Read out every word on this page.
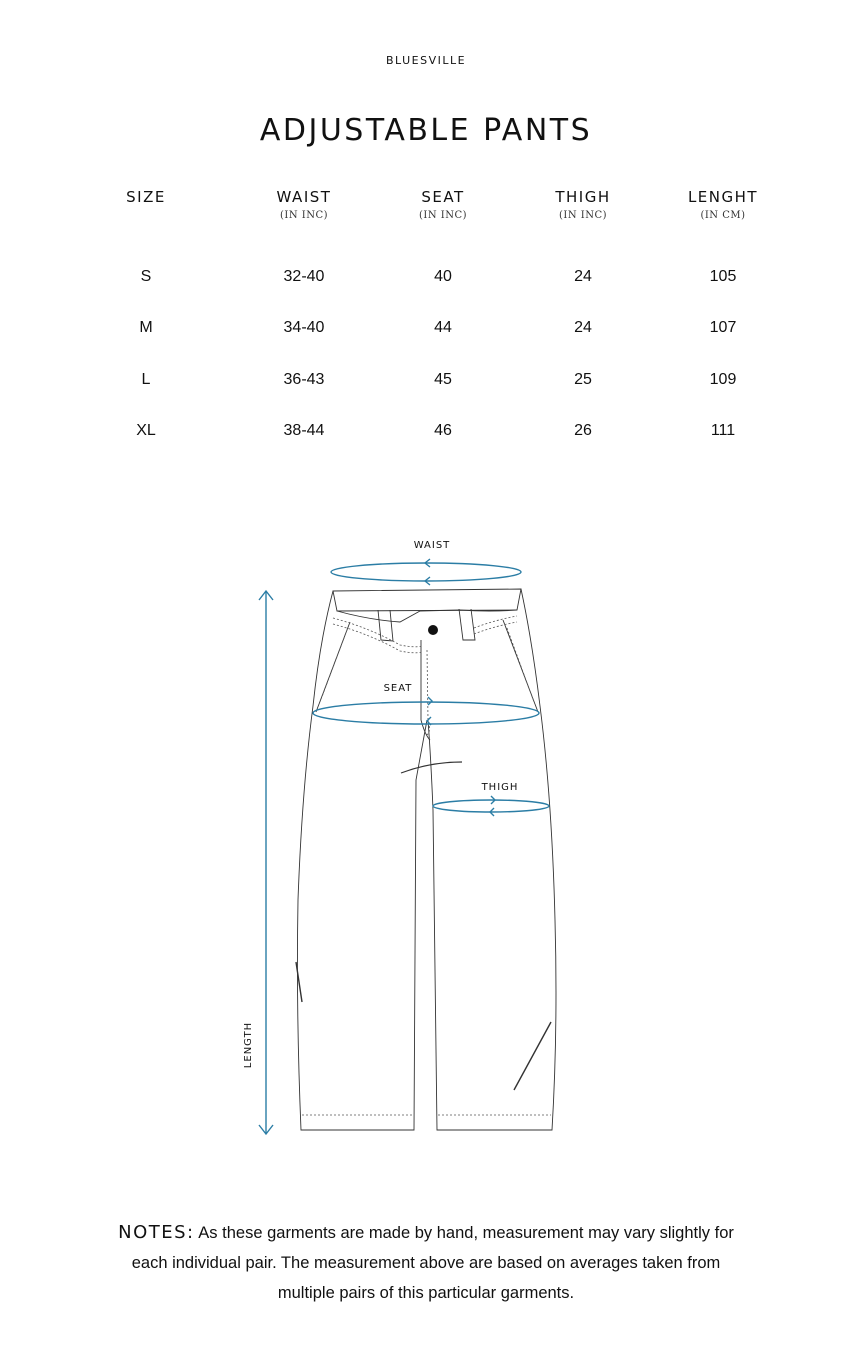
BLUESVILLE
ADJUSTABLE PANTS
SIZE	WAIST	SEAT	THIGH	LENGHT
(IN INC)	(IN INC)	(IN INC)	(IN CM)
S	32-40	40	24	105
M	34-40	44	24	107
L	36-43	45	25	109
XL	38-44	46	26	111
WAIST
SEAT
THIGH
LENGTH
NOTES: As these garments are made by hand, measurement may vary slightly for each individual pair. The measurement above are based on averages taken from multiple pairs of this particular garments.
